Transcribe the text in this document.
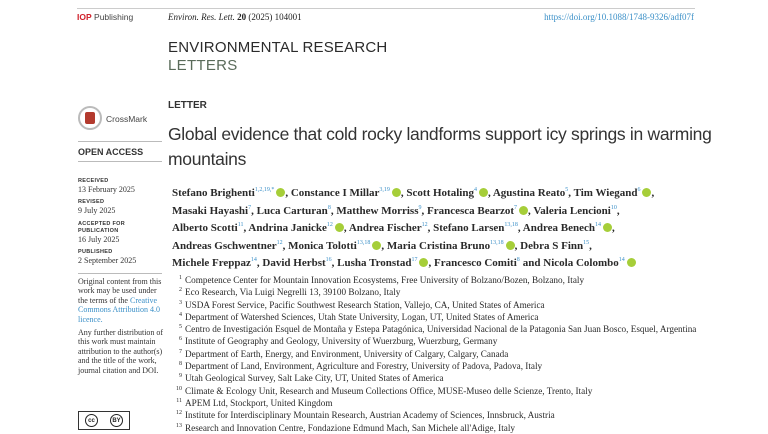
IOP Publishing	Environ. Res. Lett. 20 (2025) 104001	https://doi.org/10.1088/1748-9326/adf07f
ENVIRONMENTAL RESEARCH
LETTERS
CrossMark
OPEN ACCESS
LETTER
Global evidence that cold rocky landforms support icy springs in warming mountains
RECEIVED
13 February 2025
REVISED
9 July 2025
ACCEPTED FOR PUBLICATION
16 July 2025
PUBLISHED
2 September 2025
Original content from this work may be used under the terms of the Creative Commons Attribution 4.0 licence.
Any further distribution of this work must maintain attribution to the author(s) and the title of the work, journal citation and DOI.
cc	BY
Stefano Brighenti$^{1,2,19,*}$ , Constance I Millar$^{3,19}$ , Scott Hotaling$^4$ , Agustina Reato$^5$, Tim Wiegand$^6$ ,
Masaki Hayashi$^7$, Luca Carturan$^8$, Matthew Morriss$^9$, Francesca Bearzot$^7$ , Valeria Lencioni$^{10}$,
Alberto Scotti$^{11}$, Andrina Janicke$^{12}$ , Andrea Fischer$^{12}$, Stefano Larsen$^{13,18}$, Andrea Benech$^{14}$ ,
Andreas Gschwentner$^{12}$, Monica Tolotti$^{13,18}$ , Maria Cristina Bruno$^{13,18}$ , Debra S Finn$^{15}$,
Michele Freppaz$^{14}$, David Herbst$^{16}$, Lusha Tronstad$^{17}$ , Francesco Comiti$^8$ and Nicola Colombo$^{14}$
1 Competence Center for Mountain Innovation Ecosystems, Free University of Bolzano/Bozen, Bolzano, Italy
2 Eco Research, Via Luigi Negrelli 13, 39100 Bolzano, Italy
3 USDA Forest Service, Pacific Southwest Research Station, Vallejo, CA, United States of America
4 Department of Watershed Sciences, Utah State University, Logan, UT, United States of America
5 Centro de Investigación Esquel de Montaña y Estepa Patagónica, Universidad Nacional de la Patagonia San Juan Bosco, Esquel, Argentina
6 Institute of Geography and Geology, University of Wuerzburg, Wuerzburg, Germany
7 Department of Earth, Energy, and Environment, University of Calgary, Calgary, Canada
8 Department of Land, Environment, Agriculture and Forestry, University of Padova, Padova, Italy
9 Utah Geological Survey, Salt Lake City, UT, United States of America
10 Climate & Ecology Unit, Research and Museum Collections Office, MUSE-Museo delle Scienze, Trento, Italy
11 APEM Ltd, Stockport, United Kingdom
12 Institute for Interdisciplinary Mountain Research, Austrian Academy of Sciences, Innsbruck, Austria
13 Research and Innovation Centre, Fondazione Edmund Mach, San Michele all'Adige, Italy
